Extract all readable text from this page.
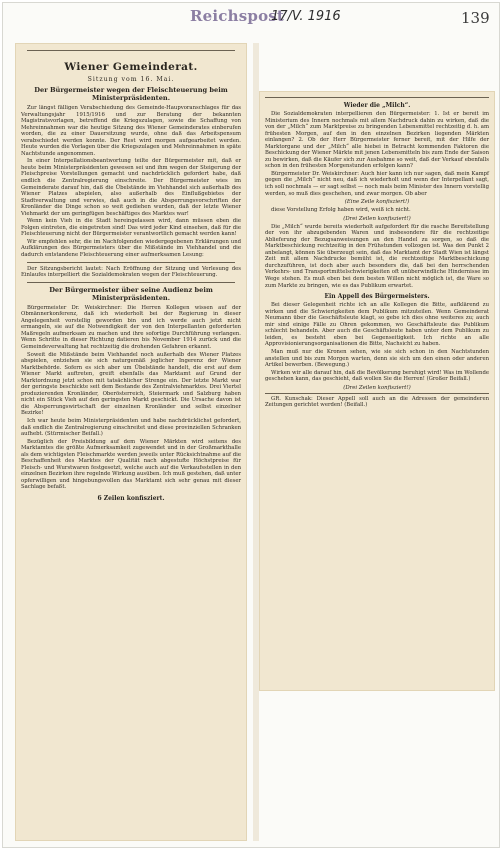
Reichspost
17/V. 1916	139
Wiener Gemeinderat.
Sitzung vom 16. Mai.
Der Bürgermeister wegen der Fleischteuerung beim Ministerpräsidenten.

Zur längst fälligen Verabschiedung des Gemeinde-Haupvoranschlages für das Verwaltungsjahr 1915/1916 und zur Beratung der bekannten Magistratsvorlagen, betreffend die Kriegszulagen, sowie die Schaffung von Mehreinnahmen war die heutige Sitzung des Wiener Gemeinderates einberufen worden, die zu einer Dauersitzung wurde, ohne daß das Arbeitspensum verabschiedet werden konnte. Der Rest wird morgen aufgearbeitet werden. Heute wurden die Vorlagen über die Kriegszulagen und Mehreinnahmen in späte Nachtstunde angenommen.

In einer Interpellationsbeantwortung teilte der Bürgermeister mit, daß er heute beim Ministerpräsidenten gewesen sei und ihm wegen der Steigerung der Fleischpreise Vorstellungen gemacht und nachdrücklich gefordert habe, daß endlich die Zentralregierung einschreite. Der Bürgermeister wies im Gemeinderate darauf hin, daß die Übelstände im Viehhandel sich außerhalb des Wiener Platzes abspielen, also außerhalb des Einflußgebietes der Stadtverwaltung und verwies, daß auch in die Absperrungsvorschriften der Kronländer die Dinge schon so weit gediehen wurden, daß der letzte Wiener Viehmarkt der um geringfügen beschäftiges des Marktes war!

Wenn kein Vieh in die Stadt hereingelassen wird, dann müssen eben die Folgen eintreten, die eingetreten sind! Das wird jeder Kind einsehen, daß für die Fleischteuerung nicht der Bürgermeister verantwortlich gemacht werden kann!

Wir empfehlen sehr, die im Nachfolgenden wiedergegebenen Erklärungen und Aufklärungen des Bürgermeisters über die Mißstände im Viehhandel und die dadurch entstandene Fleischteuerung einer aufmerksamen Lesung:

Der Sitzungsbericht lautet: Nach Eröffnung der Sitzung und Verlesung des Einlaufes interpelliert die Sozialdemokraten wegen der Fleischteuerung.

Der Bürgermeister über seine Audienz beim Ministerpräsidenten.

Bürgermeister Dr. Weiskirchner: Die Herren Kollegen wissen auf der Obmännerkonferenz, daß ich wiederholt bei der Regierung in dieser Angelegenheit vorstellig geworden bin und ich werde auch jetzt nicht ermangeln, sie auf die Notwendigkeit der von den Interpellanten geforderten Maßregeln aufmerksam zu machen und ihre sofortige Durchführung verlangen. Wenn Schritte in dieser Richtung datieren bis November 1914 zurück und die Gemeindeverwaltung hat rechtzeitig die drohenden Gefahren erkannt.

Soweit die Mißstände beim Viehhandel noch außerhalb des Wiener Platzes abspielen, entziehen sie sich naturgemäß jeglicher Ingerenz der Wiener Marktbehörde. Sofern es sich aber um Übelstände handelt, die erst auf dem Wiener Markt auftreten, greift ebenfalls das Marktamt auf Grund der Marktordnung jetzt schon mit tatsächlicher Strenge ein. Der letzte Markt war der geringste beschickte seit dem Bestande des Zentralviehmarktes. Drei Viertel produzierenden Kronländer, Oberösterreich, Steiermark und Salzburg haben nicht ein Stück Vieh auf den geringsten Markt geschickt. Die Ursache davon ist die Absperrungswirtschaft der einzelnen Kronländer und selbst einzelner Bezirke!

Ich war heute beim Ministerpräsidenten und habe nachdrücklichst gefordert, daß endlich die Zentralregierung einschreitet und diese provinziellen Schranken aufhebt. (Stürmischer Beifall.)

Bezüglich der Preisbildung auf dem Wiener Märkten wird seitens des Marktamtes die größte Aufmerksamkeit zugewendet und in der Großmarkthalle als dem wichtigsten Fleischmarkte werden jeweils unter Rücksichtnahme auf die Beschaffenheit des Marktes der Qualität nach abgestufte Höchstpreise für Fleisch- und Wurstwaren festgesetzt, welche auch auf die Verkaufsstellen in den einzelnen Bezirken ihre regelnde Wirkung ausüben. Ich muß gestehen, daß unter opferwilligen und hingebungsvollen das Marktamt sich sehr genau mit dieser Sachlage befaßt.

6 Zeilen konfisziert.
Wieder die „Milch“.

Die Sozialdemokraten interpellieren den Bürgermeister: 1. Ist er bereit im Ministerium des Innern nochmals mit allem Nachdruck dahin zu wirken, daß die von der „Milch“ zum Marktpreise zu bringenden Lebensmittel rechtzeitig d. h. am frühesten Morgen, auf den in den einzelnen Bezirken liegenden Märkten einlangen? 2. Ob der Herr Bürgermeister ferner bereit, mit der Hilfe der Marktorgane und der „Milch“ alle hiebei in Betracht kommenden Faktoren die Beschickung der Wiener Märkte mit jenen Lebensmitteln bis zum Ende der Saison zu bewirken, daß die Käufer sich zur Ausbahme so weit, daß der Verkauf ebenfalls schon in den frühesten Morgenstunden erfolgen kann?

Bürgermeister Dr. Weiskirchner: Auch hier kann ich nur sagen, daß mein Kampf gegen die „Milch“ nicht neu, daß ich wiederholt und wenn der Interpellant sagt, ich soll nochmals — er sagt selbst — noch mals beim Minister des Innern vorstellig werden, so muß dies geschehen, und zwar morgen. Ob aber

(Eine Zeile konfisziert!)

diese Vorstellung Erfolg haben wird, weiß ich nicht.

(Drei Zeilen konfisziert!)

Die „Milch“ wurde bereits wiederholt aufgefordert für die rasche Bereitstellung der von ihr abzugebenden Waren und insbesondere für die rechtzeitige Ablieferung der Bezugsanweisungen an den Handel zu sorgen, so daß die Marktbeschickung rechtzeitig in den Frühstunden vollzogen ist. Was den Punkt 2 anbelangt, können Sie überzeugt sein, daß das Marktamt der Stadt Wien ist längst Zeit mit allem Nachdrucke bemüht ist, die rechtzeitige Marktbeschickung durchzuführen, ist doch aber auch besonders die, daß bei den herrschenden Verkehrs- und Transportmittelschwierigkeiten oft unüberwindliche Hindernisse im Wege stehen. Es muß eben bei dem besten Willen nicht möglich ist, die Ware so zum Markte zu bringen, wie es das Publikum erwartet.

Ein Appell des Bürgermeisters.

Bei dieser Gelegenheit richte ich an alle Kollegen die Bitte, aufklärend zu wirken und die Schwierigkeiten dem Publikum mitzuteilen. Wenn Gemeinderat Neumann über die Geschäftsleute klagt, so gebe ich dies ohne weiteres zu; auch mir sind einige Fälle zu Ohren gekommen, wo Geschäftsleute das Publikum schlecht behandeln. Aber auch die Geschäftsleute haben unter dem Publikum zu leiden, es besteht eben bei Gegenseitigkeit. Ich richte an alle Approvisionierungsorganisationen die Bitte, Nachsicht zu haben.

Man muß nur die Kronen sehen, wie sie sich schon in den Nachtstunden anstellen und bis zum Morgen warten, denn sie sich um den einen oder anderen Artikel bewerben. (Bewegung.)

Wirken wir alle darauf hin, daß die Bevölkerung beruhigt wird! Was im Wollende geschehen kann, das geschieht, daß wollen Sie die Herren! (Großer Beifall.)

(Drei Zeilen konfisziert!)

GR. Kunschak: Dieser Appell soll auch an die Adressen der gemeinderen Zeitungen gerichtet werden! (Beifall.)
